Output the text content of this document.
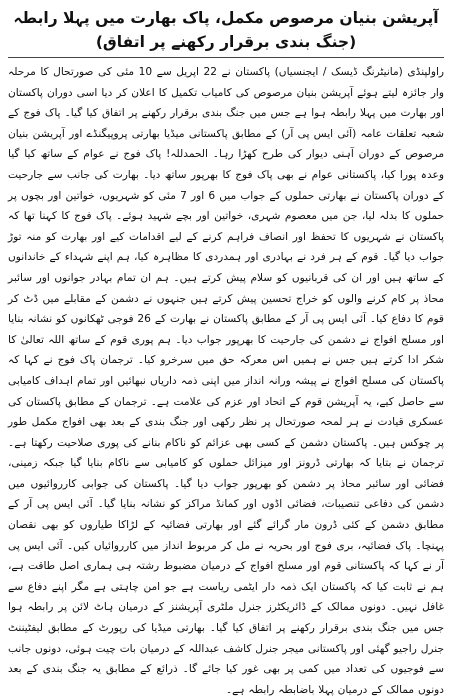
آپریشن بنیان مرصوص مکمل، پاک بھارت میں پہلا رابطہ (جنگ بندی برقرار رکھنے پر اتفاق)

راولپنڈی (مانیٹرنگ ڈیسک / ایجنسیاں) پاکستان نے 22 اپریل سے 10 مئی کی صورتحال کا مرحلہ وار جائزہ لیتے ہوئے آپریشن بنیان مرصوص کی کامیاب تکمیل کا اعلان کر دیا اسی دوران پاکستان اور بھارت میں پہلا رابطہ ہوا ہے جس میں جنگ بندی برقرار رکھنے پر اتفاق کیا گیا۔ پاک فوج کے شعبہ تعلقات عامہ (آئی ایس پی آر) کے مطابق پاکستانی میڈیا بھارتی پروپیگنڈے اور آپریشن بنیان مرصوص کے دوران آہنی دیوار کی طرح کھڑا رہا۔ الحمدللہ! پاک فوج نے عوام کے ساتھ کیا گیا وعدہ پورا کیا، پاکستانی عوام نے بھی پاک فوج کا بھرپور ساتھ دیا۔ بھارت کی جانب سے جارحیت کے دوران پاکستان نے بھارتی حملوں کے جواب میں 6 اور 7 مئی کو شہریوں، خواتین اور بچوں پر حملوں کا بدلہ لیا، جن میں معصوم شہری، خواتین اور بچے شہید ہوئے۔ پاک فوج کا کہنا تھا کہ پاکستان نے شہریوں کا تحفظ اور انصاف فراہم کرنے کے لیے اقدامات کیے اور بھارت کو منہ توڑ جواب دیا گیا۔ قوم کے ہر فرد نے بہادری اور ہمدردی کا مظاہرہ کیا، ہم اپنے شہداء کے خاندانوں کے ساتھ ہیں اور ان کی قربانیوں کو سلام پیش کرتے ہیں۔ ہم ان تمام بہادر جوانوں اور سائبر محاذ پر کام کرنے والوں کو خراج تحسین پیش کرتے ہیں جنہوں نے دشمن کے مقابلے میں ڈٹ کر قوم کا دفاع کیا۔ آئی ایس پی آر کے مطابق پاکستان نے بھارت کے 26 فوجی ٹھکانوں کو نشانہ بنایا اور مسلح افواج نے دشمن کی جارحیت کا بھرپور جواب دیا۔ ہم پوری قوم کے ساتھ اللہ تعالیٰ کا شکر ادا کرتے ہیں جس نے ہمیں اس معرکہ حق میں سرخرو کیا۔ ترجمان پاک فوج نے کہا کہ پاکستان کی مسلح افواج نے پیشہ ورانہ انداز میں اپنی ذمہ داریاں نبھائیں اور تمام اہداف کامیابی سے حاصل کیے، یہ آپریشن قوم کے اتحاد اور عزم کی علامت ہے۔ ترجمان کے مطابق پاکستان کی عسکری قیادت نے ہر لمحہ صورتحال پر نظر رکھی اور جنگ بندی کے بعد بھی افواج مکمل طور پر چوکس ہیں۔ پاکستان دشمن کے کسی بھی عزائم کو ناکام بنانے کی پوری صلاحیت رکھتا ہے۔ ترجمان نے بتایا کہ بھارتی ڈرونز اور میزائل حملوں کو کامیابی سے ناکام بنایا گیا جبکہ زمینی، فضائی اور سائبر محاذ پر دشمن کو بھرپور جواب دیا گیا۔ پاکستان کی جوابی کارروائیوں میں دشمن کی دفاعی تنصیبات، فضائی اڈوں اور کمانڈ مراکز کو نشانہ بنایا گیا۔ آئی ایس پی آر کے مطابق دشمن کے کئی ڈرون مار گرائے گئے اور بھارتی فضائیہ کے لڑاکا طیاروں کو بھی نقصان پہنچا۔ پاک فضائیہ، بری فوج اور بحریہ نے مل کر مربوط انداز میں کارروائیاں کیں۔ آئی ایس پی آر نے کہا کہ پاکستانی قوم اور مسلح افواج کے درمیان مضبوط رشتہ ہی ہماری اصل طاقت ہے، ہم نے ثابت کیا کہ پاکستان ایک ذمہ دار ایٹمی ریاست ہے جو امن چاہتی ہے مگر اپنے دفاع سے غافل نہیں۔ دونوں ممالک کے ڈائریکٹرز جنرل ملٹری آپریشنز کے درمیان ہاٹ لائن پر رابطہ ہوا جس میں جنگ بندی برقرار رکھنے پر اتفاق کیا گیا۔ بھارتی میڈیا کی رپورٹ کے مطابق لیفٹیننٹ جنرل راجیو گھئی اور پاکستانی میجر جنرل کاشف عبداللہ کے درمیان بات چیت ہوئی، دونوں جانب سے فوجیوں کی تعداد میں کمی پر بھی غور کیا جائے گا۔ ذرائع کے مطابق یہ جنگ بندی کے بعد دونوں ممالک کے درمیان پہلا باضابطہ رابطہ ہے۔
